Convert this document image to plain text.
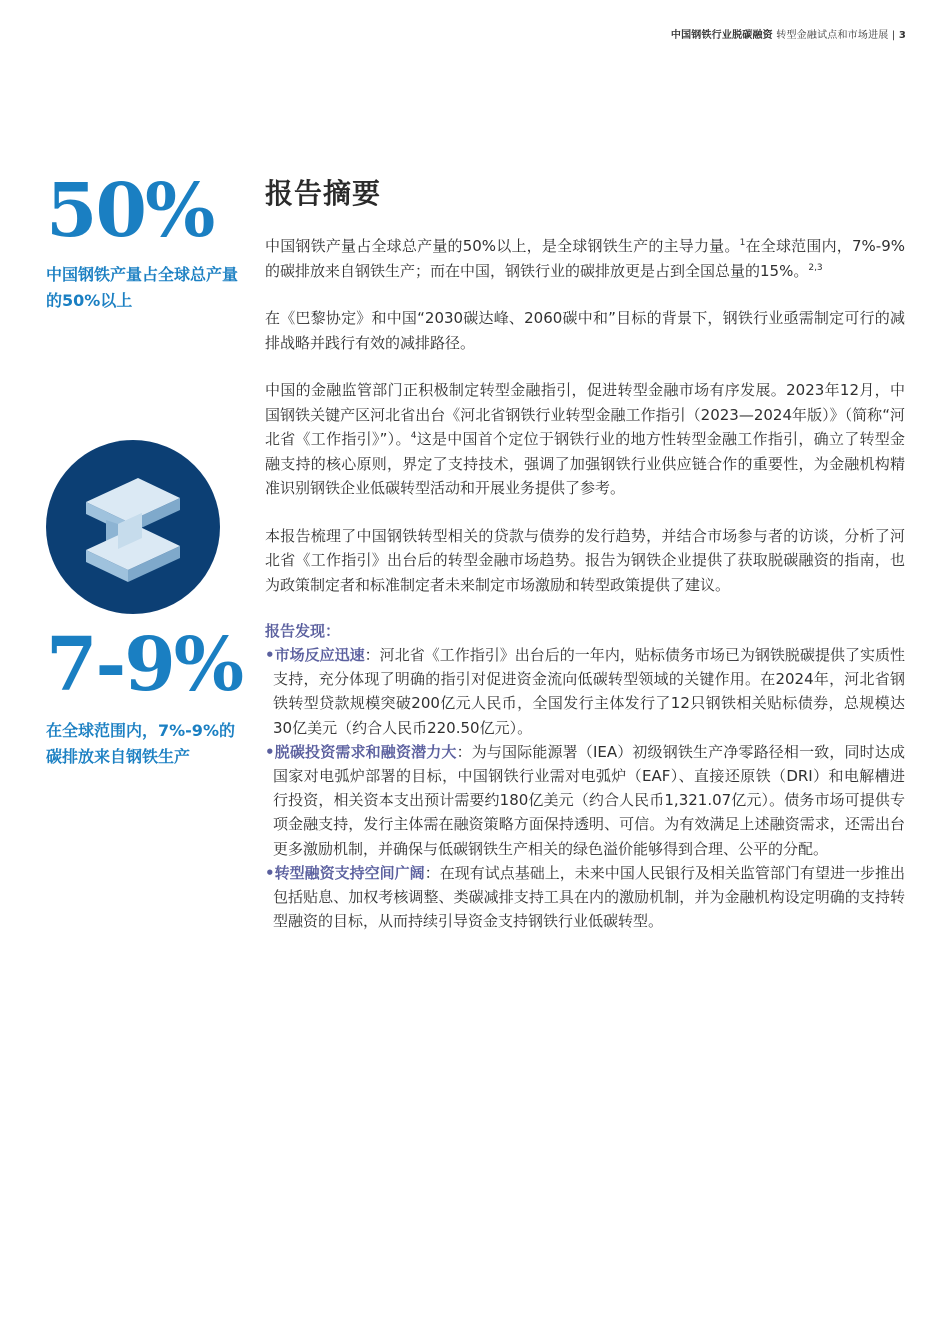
中国钢铁行业脱碳融资 转型金融试点和市场进展 | 3
50%
中国钢铁产量占全球总产量的50%以上
7-9%
在全球范围内，7%-9%的碳排放来自钢铁生产
报告摘要

中国钢铁产量占全球总产量的50%以上，是全球钢铁生产的主导力量。$^1$在全球范围内，7%-9%的碳排放来自钢铁生产；而在中国，钢铁行业的碳排放更是占到全国总量的15%。$^{2,3}$

在《巴黎协定》和中国“2030碳达峰、2060碳中和”目标的背景下，钢铁行业亟需制定可行的减排战略并践行有效的减排路径。

中国的金融监管部门正积极制定转型金融指引，促进转型金融市场有序发展。2023年12月，中国钢铁关键产区河北省出台《河北省钢铁行业转型金融工作指引（2023—2024年版）》（简称“河北省《工作指引》”）。$^4$这是中国首个定位于钢铁行业的地方性转型金融工作指引，确立了转型金融支持的核心原则，界定了支持技术，强调了加强钢铁行业供应链合作的重要性，为金融机构精准识别钢铁企业低碳转型活动和开展业务提供了参考。

本报告梳理了中国钢铁转型相关的贷款与债券的发行趋势，并结合市场参与者的访谈，分析了河北省《工作指引》出台后的转型金融市场趋势。报告为钢铁企业提供了获取脱碳融资的指南，也为政策制定者和标准制定者未来制定市场激励和转型政策提供了建议。

报告发现：

•市场反应迅速：河北省《工作指引》出台后的一年内，贴标债务市场已为钢铁脱碳提供了实质性支持，充分体现了明确的指引对促进资金流向低碳转型领域的关键作用。在2024年，河北省钢铁转型贷款规模突破200亿元人民币，全国发行主体发行了12只钢铁相关贴标债券，总规模达30亿美元（约合人民币220.50亿元）。

•脱碳投资需求和融资潜力大：为与国际能源署（IEA）初级钢铁生产净零路径相一致，同时达成国家对电弧炉部署的目标，中国钢铁行业需对电弧炉（EAF）、直接还原铁（DRI）和电解槽进行投资，相关资本支出预计需要约180亿美元（约合人民币1,321.07亿元）。债务市场可提供专项金融支持，发行主体需在融资策略方面保持透明、可信。为有效满足上述融资需求，还需出台更多激励机制，并确保与低碳钢铁生产相关的绿色溢价能够得到合理、公平的分配。

•转型融资支持空间广阔：在现有试点基础上，未来中国人民银行及相关监管部门有望进一步推出包括贴息、加权考核调整、类碳减排支持工具在内的激励机制，并为金融机构设定明确的支持转型融资的目标，从而持续引导资金支持钢铁行业低碳转型。
